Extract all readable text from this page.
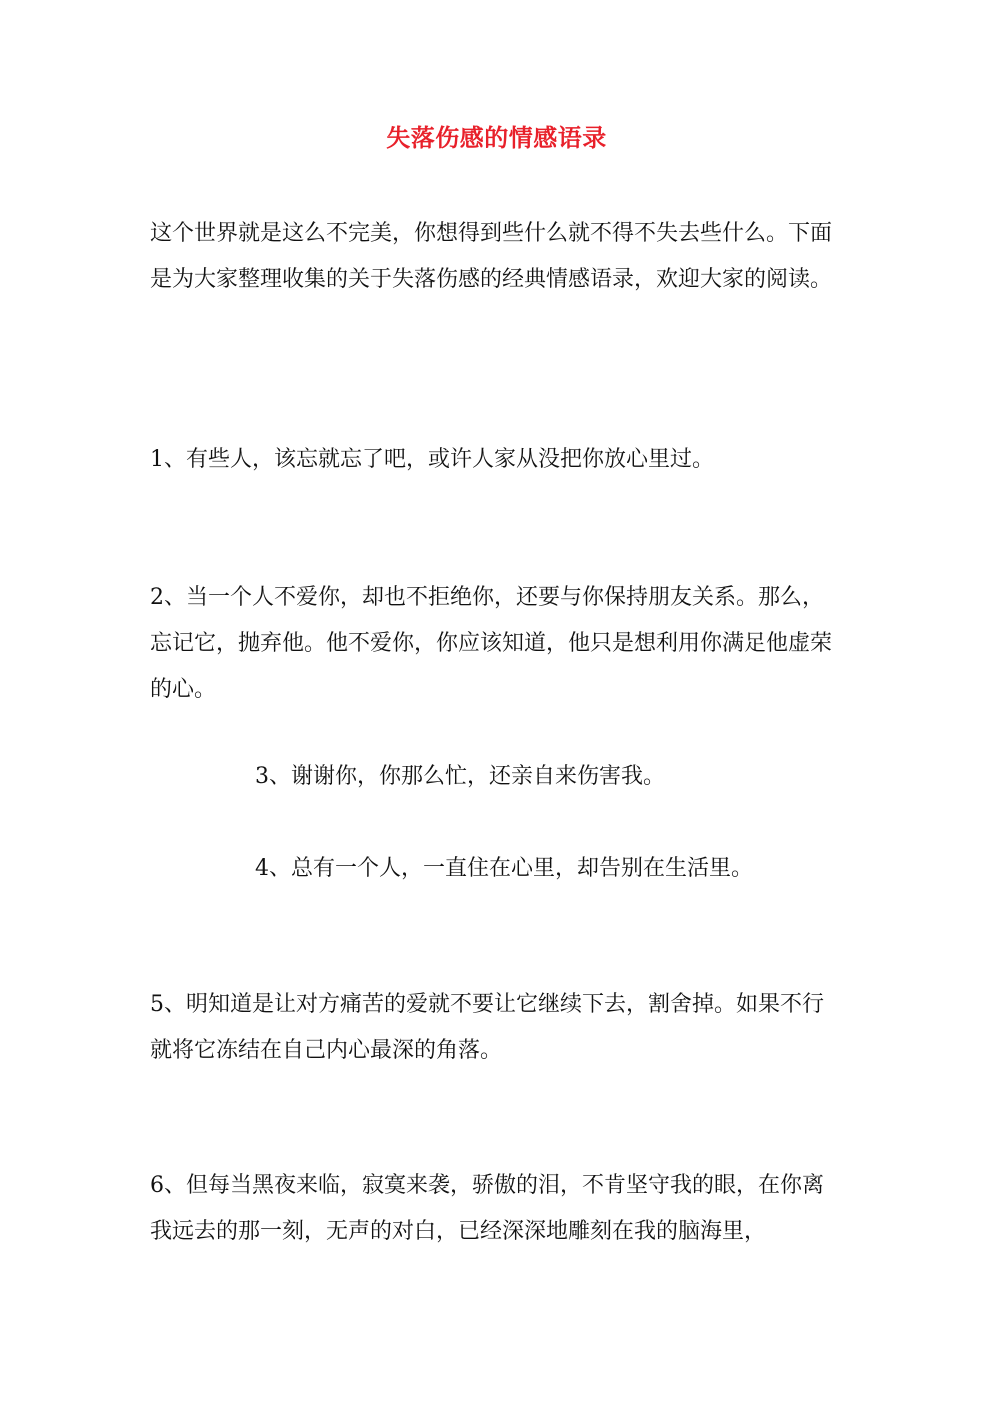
失落伤感的情感语录

这个世界就是这么不完美，你想得到些什么就不得不失去些什么。下面是为大家整理收集的关于失落伤感的经典情感语录，欢迎大家的阅读。

1、有些人，该忘就忘了吧，或许人家从没把你放心里过。

2、当一个人不爱你，却也不拒绝你，还要与你保持朋友关系。那么，忘记它，抛弃他。他不爱你，你应该知道，他只是想利用你满足他虚荣的心。

3、谢谢你，你那么忙，还亲自来伤害我。

4、总有一个人，一直住在心里，却告别在生活里。

5、明知道是让对方痛苦的爱就不要让它继续下去，割舍掉。如果不行就将它冻结在自己内心最深的角落。

6、但每当黑夜来临，寂寞来袭，骄傲的泪，不肯坚守我的眼，在你离我远去的那一刻，无声的对白，已经深深地雕刻在我的脑海里，
